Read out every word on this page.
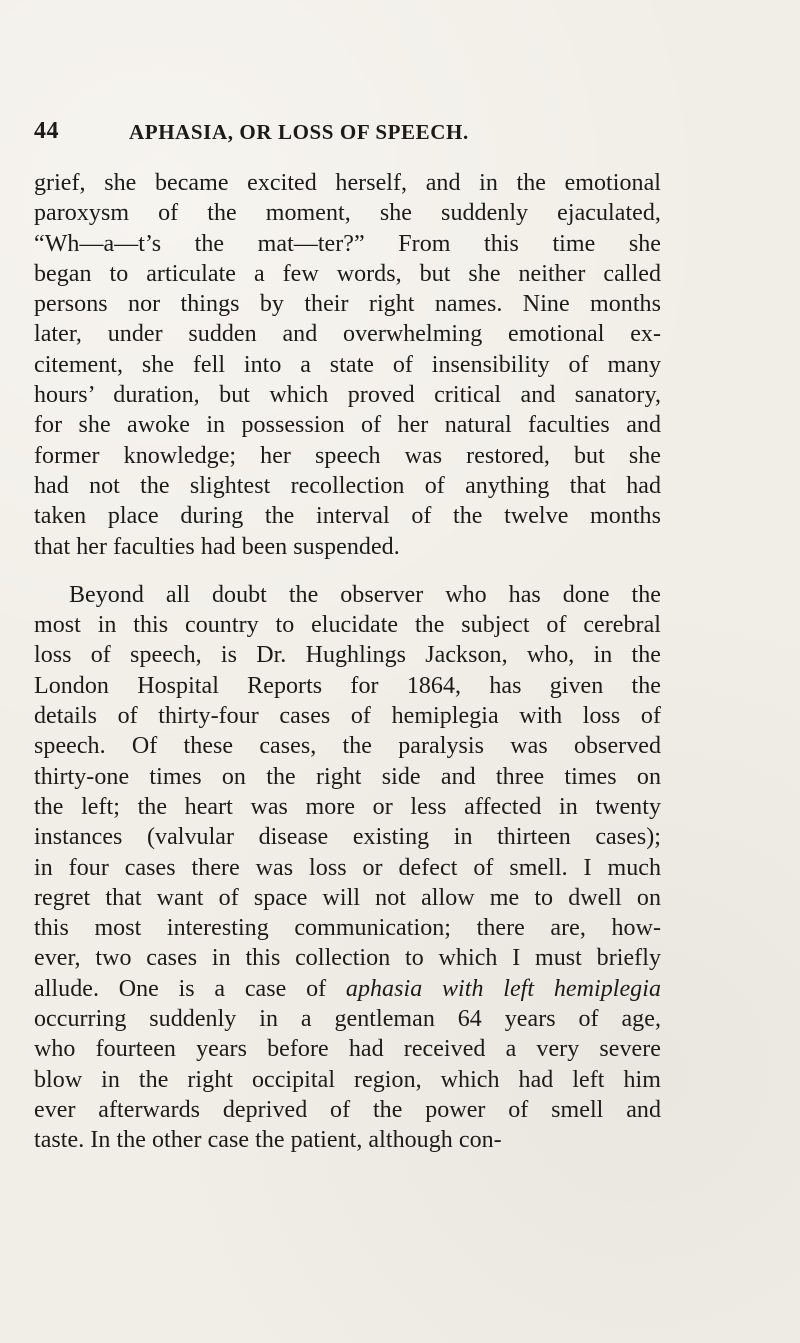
44	APHASIA, OR LOSS OF SPEECH.
grief, she became excited herself, and in the emotional
paroxysm of the moment, she suddenly ejaculated,
“Wh—a—t’s the mat—ter?” From this time she
began to articulate a few words, but she neither called
persons nor things by their right names. Nine months
later, under sudden and overwhelming emotional ex-
citement, she fell into a state of insensibility of many
hours’ duration, but which proved critical and sanatory,
for she awoke in possession of her natural faculties and
former knowledge; her speech was restored, but she
had not the slightest recollection of anything that had
taken place during the interval of the twelve months
that her faculties had been suspended.
Beyond all doubt the observer who has done the
most in this country to elucidate the subject of cerebral
loss of speech, is Dr. Hughlings Jackson, who, in the
London Hospital Reports for 1864, has given the
details of thirty-four cases of hemiplegia with loss of
speech. Of these cases, the paralysis was observed
thirty-one times on the right side and three times on
the left; the heart was more or less affected in twenty
instances (valvular disease existing in thirteen cases);
in four cases there was loss or defect of smell. I much
regret that want of space will not allow me to dwell on
this most interesting communication; there are, how-
ever, two cases in this collection to which I must briefly
allude. One is a case of aphasia with left hemiplegia
occurring suddenly in a gentleman 64 years of age,
who fourteen years before had received a very severe
blow in the right occipital region, which had left him
ever afterwards deprived of the power of smell and
taste. In the other case the patient, although con-
